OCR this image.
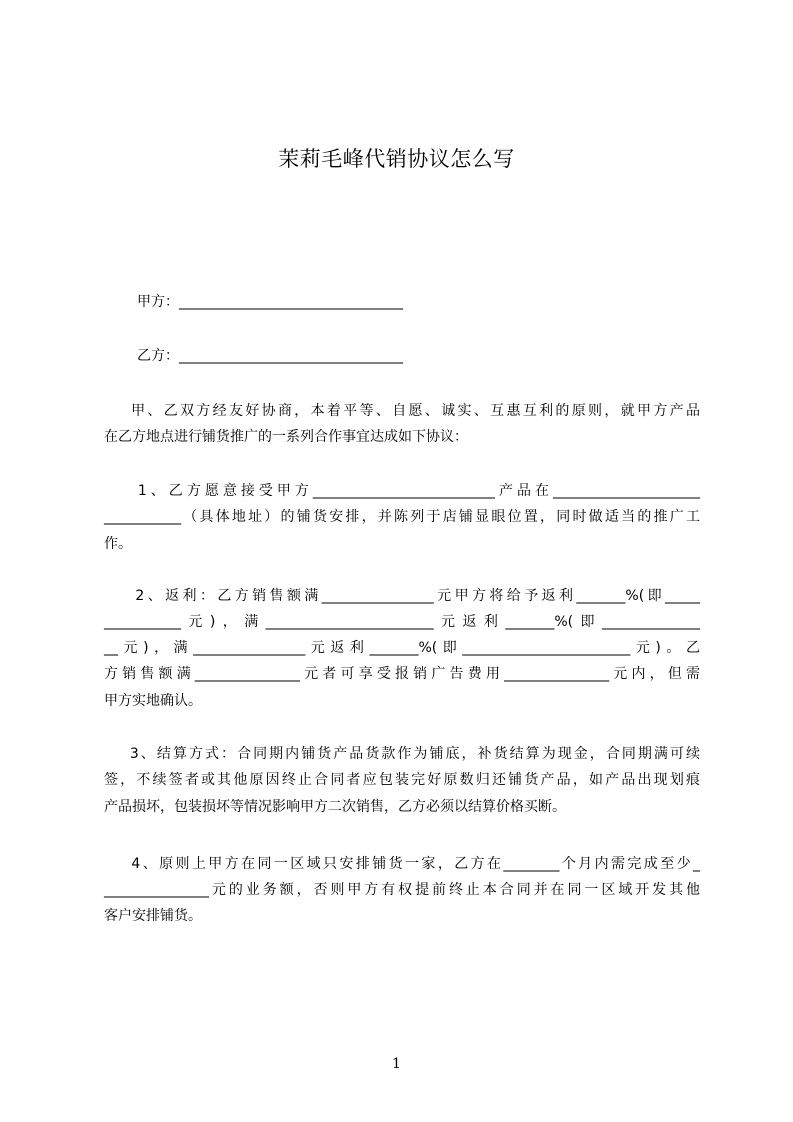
茉莉毛峰代销协议怎么写
甲方：________________________________
乙方：________________________________
甲、乙双方经友好协商，本着平等、自愿、诚实、互惠互利的原则，就甲方产品
在乙方地点进行铺货推广的一系列合作事宜达成如下协议：
1、乙方愿意接受甲方__________________________产品在_____________________
___________（具体地址）的铺货安排，并陈列于店铺显眼位置，同时做适当的推广工
作。
2、返利：乙方销售额满________________元甲方将给予返利_______%(即_____
___________元)，满________________________元返利_______%(即______________
__元)，满________________元返利_______%(即________________________元)。乙
方销售额满_______________元者可享受报销广告费用_______________元内，但需
甲方实地确认。
3、结算方式：合同期内铺货产品货款作为铺底，补货结算为现金，合同期满可续
签，不续签者或其他原因终止合同者应包装完好原数归还铺货产品，如产品出现划痕
产品损坏，包装损坏等情况影响甲方二次销售，乙方必须以结算价格买断。
4、原则上甲方在同一区域只安排铺货一家，乙方在________个月内需完成至少_
_______________元的业务额，否则甲方有权提前终止本合同并在同一区域开发其他
客户安排铺货。
1
